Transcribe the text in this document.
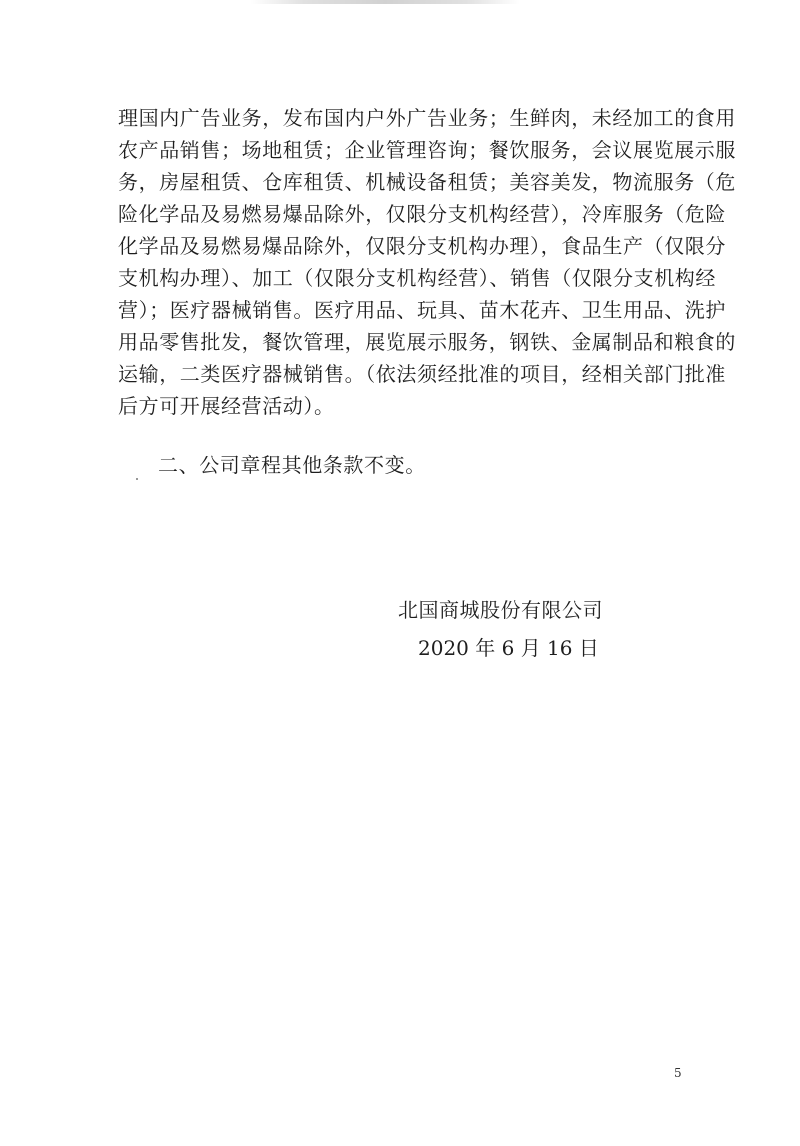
理国内广告业务，发布国内户外广告业务；生鲜肉，未经加工的食用
农产品销售；场地租赁；企业管理咨询；餐饮服务，会议展览展示服
务，房屋租赁、仓库租赁、机械设备租赁；美容美发，物流服务（危
险化学品及易燃易爆品除外，仅限分支机构经营），冷库服务（危险
化学品及易燃易爆品除外，仅限分支机构办理），食品生产（仅限分
支机构办理）、加工（仅限分支机构经营）、销售（仅限分支机构经
营）；医疗器械销售。医疗用品、玩具、苗木花卉、卫生用品、洗护
用品零售批发，餐饮管理，展览展示服务，钢铁、金属制品和粮食的
运输，二类医疗器械销售。（依法须经批准的项目，经相关部门批准
后方可开展经营活动）。
二、公司章程其他条款不变。
北国商城股份有限公司
2020 年 6 月 16 日
5
